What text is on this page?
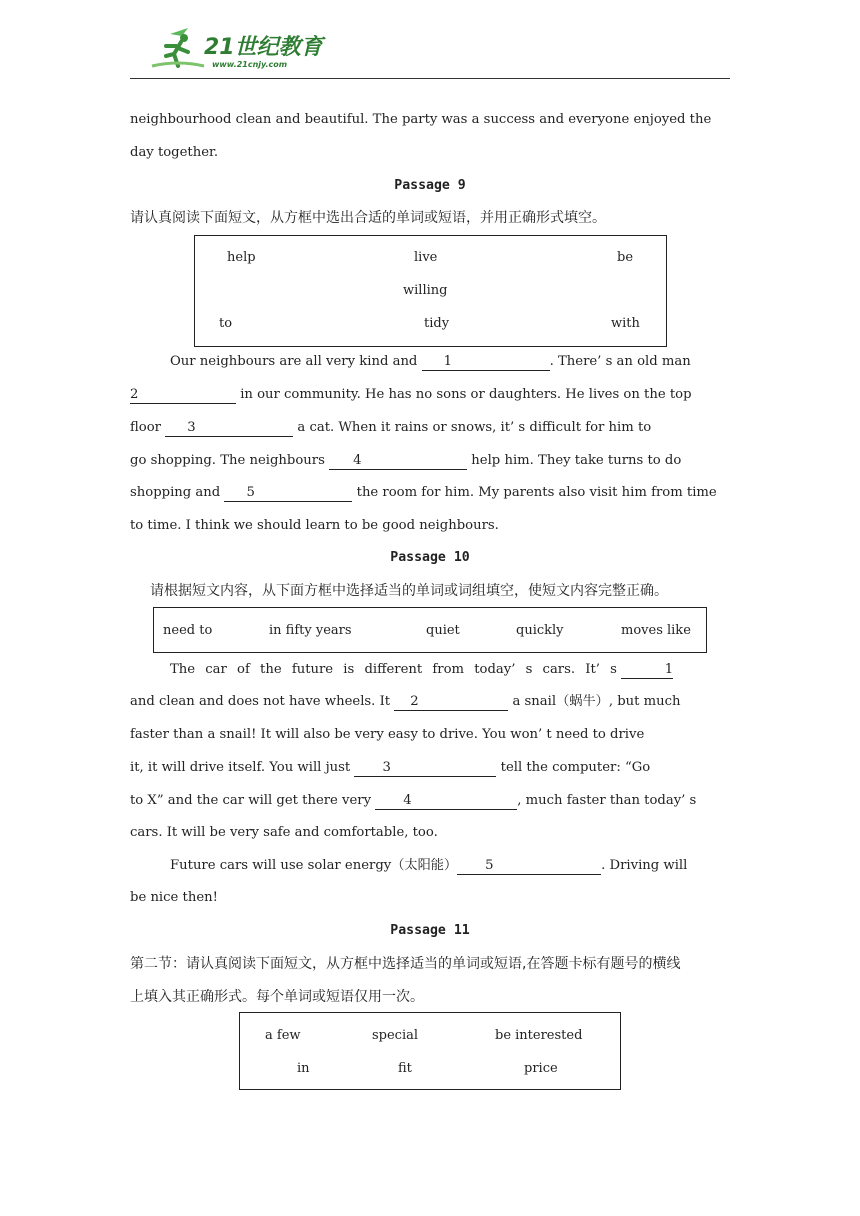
21世纪教育
www.21cnjy.com

neighbourhood clean and beautiful. The party was a success and everyone enjoyed the

day together.

Passage 9

请认真阅读下面短文，从方框中选出合适的单词或短语，并用正确形式填空。

help	live	be
willing
to	tidy	with

Our neighbours are all very kind and 1	. There’ s an old man

2	in our community. He has no sons or daughters. He lives on the top

floor 3	a cat. When it rains or snows, it’ s difficult for him to

go shopping. The neighbours 4	help him. They take turns to do

shopping and 5	the room for him. My parents also visit him from time

to time. I think we should learn to be good neighbours.

Passage 10

请根据短文内容，从下面方框中选择适当的单词或词组填空，使短文内容完整正确。

need to	in fifty years	quiet	quickly	moves like

The car of the future is different from today’ s cars. It’ s	1

and clean and does not have wheels. It 2	a snail（蜗牛）, but much

faster than a snail! It will also be very easy to drive. You won’ t need to drive

it, it will drive itself. You will just 3	tell the computer: “Go

to X” and the car will get there very 4	, much faster than today’ s

cars. It will be very safe and comfortable, too.

Future cars will use solar energy（太阳能） 5	. Driving will

be nice then!

Passage 11

第二节：请认真阅读下面短文，从方框中选择适当的单词或短语,在答题卡标有题号的横线

上填入其正确形式。每个单词或短语仅用一次。

a few	special	be interested
in	fit	price
